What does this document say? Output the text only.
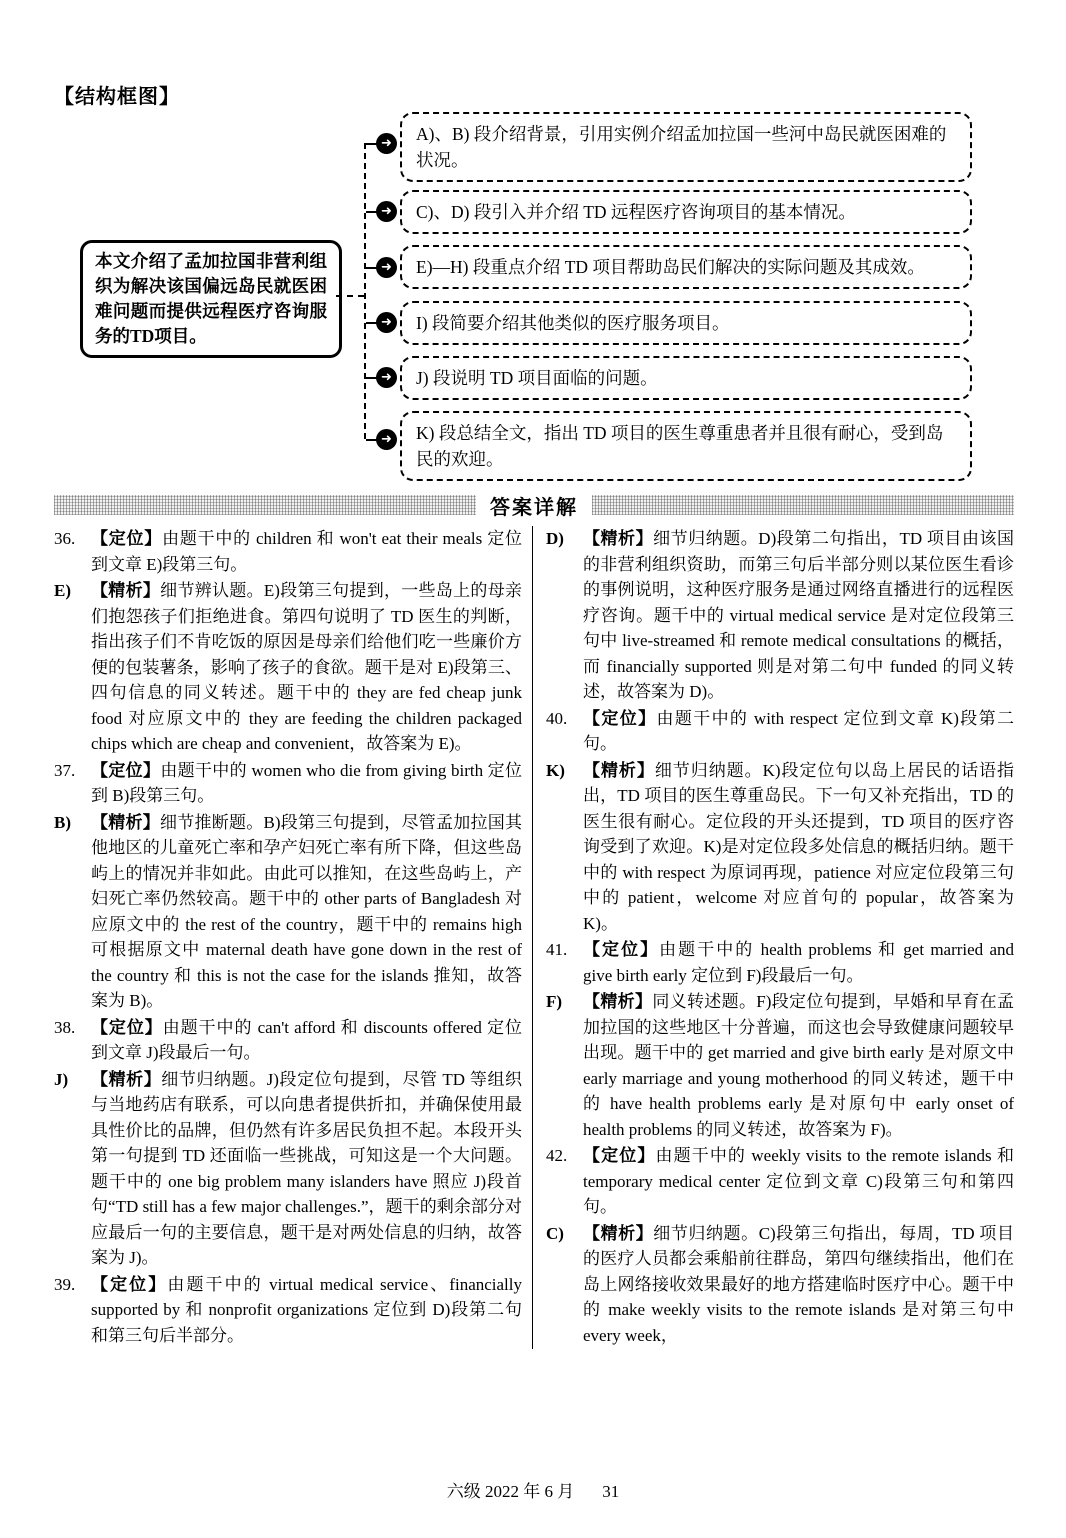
【结构框图】
本文介绍了孟加拉国非营利组织为解决该国偏远岛民就医困难问题而提供远程医疗咨询服务的TD项目。
➜
➜
➜
➜
➜
➜
A)、B) 段介绍背景，引用实例介绍孟加拉国一些河中岛民就医困难的状况。
C)、D) 段引入并介绍 TD 远程医疗咨询项目的基本情况。
E)—H) 段重点介绍 TD 项目帮助岛民们解决的实际问题及其成效。
I) 段简要介绍其他类似的医疗服务项目。
J) 段说明 TD 项目面临的问题。
K) 段总结全文，指出 TD 项目的医生尊重患者并且很有耐心，受到岛民的欢迎。
答案详解
36. 【定位】由题干中的 children 和 won't eat their meals 定位到文章 E)段第三句。
E)	【精析】细节辨认题。E)段第三句提到，一些岛上的母亲们抱怨孩子们拒绝进食。第四句说明了 TD 医生的判断，指出孩子们不肯吃饭的原因是母亲们给他们吃一些廉价方便的包装薯条，影响了孩子的食欲。题干是对 E)段第三、四句信息的同义转述。题干中的 they are fed cheap junk food 对应原文中的 they are feeding the children packaged chips which are cheap and convenient，故答案为 E)。
37. 【定位】由题干中的 women who die from giving birth 定位到 B)段第三句。
B)	【精析】细节推断题。B)段第三句提到，尽管孟加拉国其他地区的儿童死亡率和孕产妇死亡率有所下降，但这些岛屿上的情况并非如此。由此可以推知，在这些岛屿上，产妇死亡率仍然较高。题干中的 other parts of Bangladesh 对应原文中的 the rest of the country，题干中的 remains high 可根据原文中 maternal death have gone down in the rest of the country 和 this is not the case for the islands 推知，故答案为 B)。
38. 【定位】由题干中的 can't afford 和 discounts offered 定位到文章 J)段最后一句。
J)	【精析】细节归纳题。J)段定位句提到，尽管 TD 等组织与当地药店有联系，可以向患者提供折扣，并确保使用最具性价比的品牌，但仍然有许多居民负担不起。本段开头第一句提到 TD 还面临一些挑战，可知这是一个大问题。题干中的 one big problem many islanders have 照应 J)段首句“TD still has a few major challenges.”，题干的剩余部分对应最后一句的主要信息，题干是对两处信息的归纳，故答案为 J)。
39. 【定位】由题干中的 virtual medical service、financially supported by 和 nonprofit organizations 定位到 D)段第二句和第三句后半部分。
D)	【精析】细节归纳题。D)段第二句指出，TD 项目由该国的非营利组织资助，而第三句后半部分则以某位医生看诊的事例说明，这种医疗服务是通过网络直播进行的远程医疗咨询。题干中的 virtual medical service 是对定位段第三句中 live-streamed 和 remote medical consultations 的概括，而 financially supported 则是对第二句中 funded 的同义转述，故答案为 D)。
40. 【定位】由题干中的 with respect 定位到文章 K)段第二句。
K)	【精析】细节归纳题。K)段定位句以岛上居民的话语指出，TD 项目的医生尊重岛民。下一句又补充指出，TD 的医生很有耐心。定位段的开头还提到，TD 项目的医疗咨询受到了欢迎。K)是对定位段多处信息的概括归纳。题干中的 with respect 为原词再现，patience 对应定位段第三句中的 patient，welcome 对应首句的 popular，故答案为 K)。
41. 【定位】由题干中的 health problems 和 get married and give birth early 定位到 F)段最后一句。
F)	【精析】同义转述题。F)段定位句提到，早婚和早育在孟加拉国的这些地区十分普遍，而这也会导致健康问题较早出现。题干中的 get married and give birth early 是对原文中 early marriage and young motherhood 的同义转述，题干中的 have health problems early 是对原句中 early onset of health problems 的同义转述，故答案为 F)。
42. 【定位】由题干中的 weekly visits to the remote islands 和 temporary medical center 定位到文章 C)段第三句和第四句。
C)	【精析】细节归纳题。C)段第三句指出，每周，TD 项目的医疗人员都会乘船前往群岛，第四句继续指出，他们在岛上网络接收效果最好的地方搭建临时医疗中心。题干中的 make weekly visits to the remote islands 是对第三句中 every week，
六级 2022 年 6 月 31
